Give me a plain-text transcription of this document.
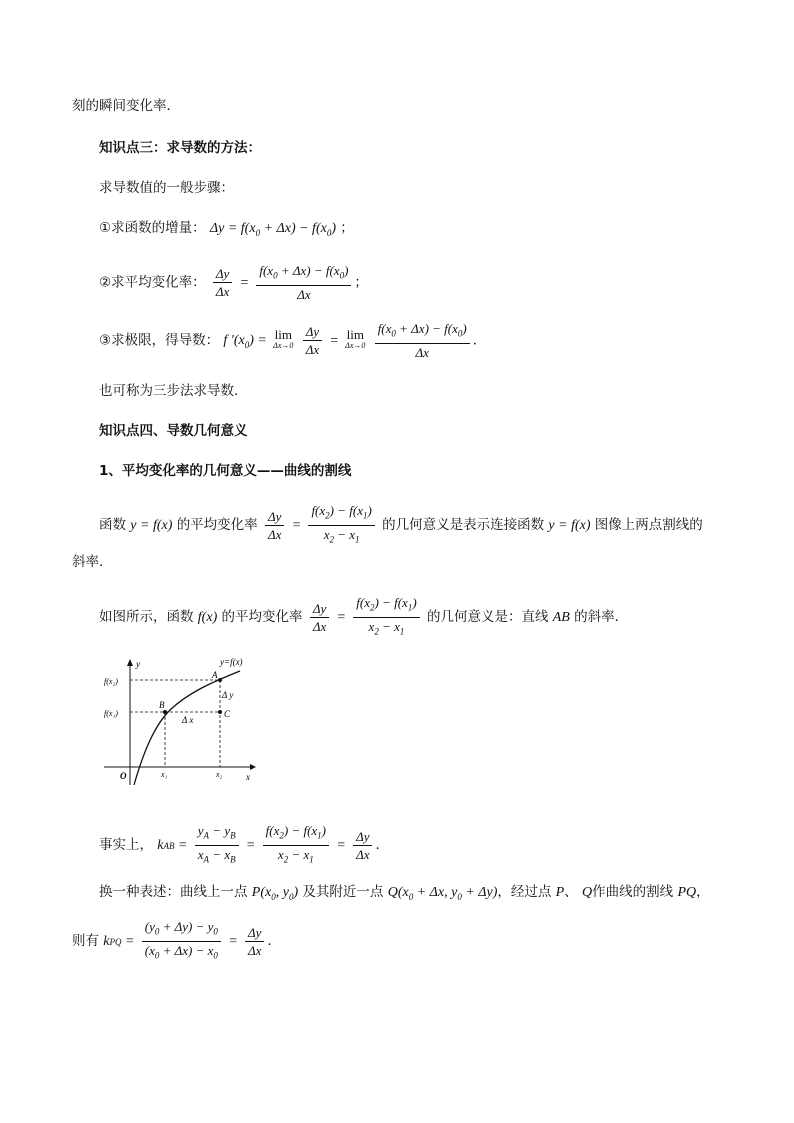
刻的瞬间变化率．
知识点三：求导数的方法：
求导数值的一般步骤：
①求函数的增量： $\Delta y = f(x_0 + \Delta x) - f(x_0)$ ；
②求平均变化率： $\frac{\Delta y}{\Delta x} = \frac{f(x_0 + \Delta x) - f(x_0)}{\Delta x}$ ；
③求极限，得导数： f $'(x_0) = \lim$
Δx→0
$\frac{\Delta y}{\Delta x} = \lim$
Δx→0
$\frac{f(x_0 + \Delta x) - f(x_0)}{\Delta x}$ ．
也可称为三步法求导数．
知识点四、导数几何意义
1、平均变化率的几何意义——曲线的割线
函数 y = f(x) 的平均变化率 $\frac{\Delta y}{\Delta x} = \frac{f(x_2) - f(x_1)}{x_2 - x_1}$ 的几何意义是表示连接函数 y = f(x) 图像上两点割线的
斜率．
如图所示，函数 f(x) 的平均变化率 $\frac{\Delta y}{\Delta x} = \frac{f(x_2) - f(x_1)}{x_2 - x_1}$ 的几何意义是：直线 AB 的斜率．
y=f(x)
y
x
O
f(x₂)
f(x₁)
x₁	x₂
A
B
C
Δ y
Δ x
事实上， kAB = $\frac{y_A - y_B}{x_A - x_B} = \frac{f(x_2) - f(x_1)}{x_2 - x_1} = \frac{\Delta y}{\Delta x}$ ．
换一种表述：曲线上一点 $P(x_0$, $y_0$) 及其附近一点 $Q(x_0 + \Delta x$, $y_0 + \Delta y$)，经过点 P、 Q作曲线的割线 PQ，
则有 kPQ = $\frac{(y_0 + \Delta y) - y_0}{(x_0 + \Delta x) - x_0} = \frac{\Delta y}{\Delta x}$ ．
